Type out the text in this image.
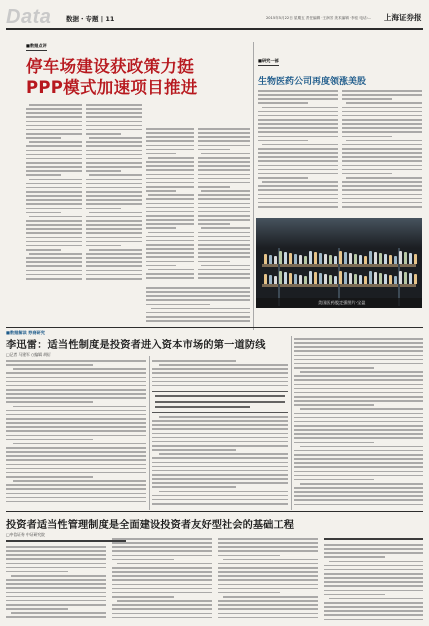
Data 数据・专题 | 11	2015年5月22日 星期五 责任编辑 ·王润芳 美术编辑 ·李佳 电话:... 上海证券报
■数据点评
停车场建设获政策力挺
PPP模式加速项目推进
■研究一部
生物医药公司再度领涨美股
美国医药股走强图片·宝盈
■数据解读 券商研究
李迅雷：适当性制度是投资者进入资本市场的第一道防线
□记者 马建军 ○编辑 胡衍
投资者适当性管理制度是全面建设投资者友好型社会的基础工程
□中信证券 中证研究院
